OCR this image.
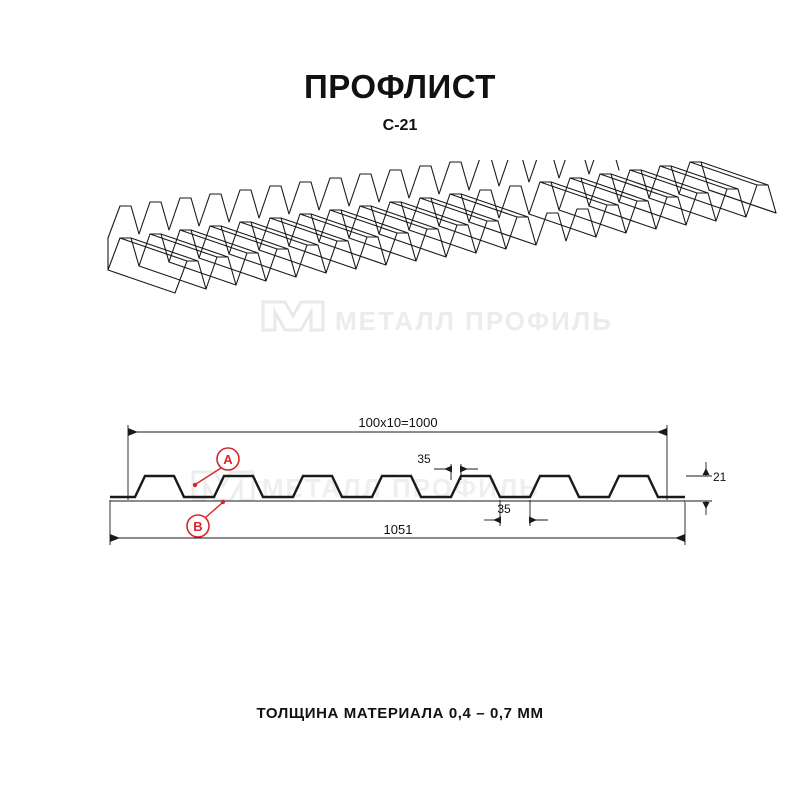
МЕТАЛЛ ПРОФИЛЬ
МЕТАЛЛ ПРОФИЛЬ
ПРОФЛИСТ
С-21
100x10=1000
A
B
35
35
21
1051
ТОЛЩИНА МАТЕРИАЛА 0,4 – 0,7 ММ
